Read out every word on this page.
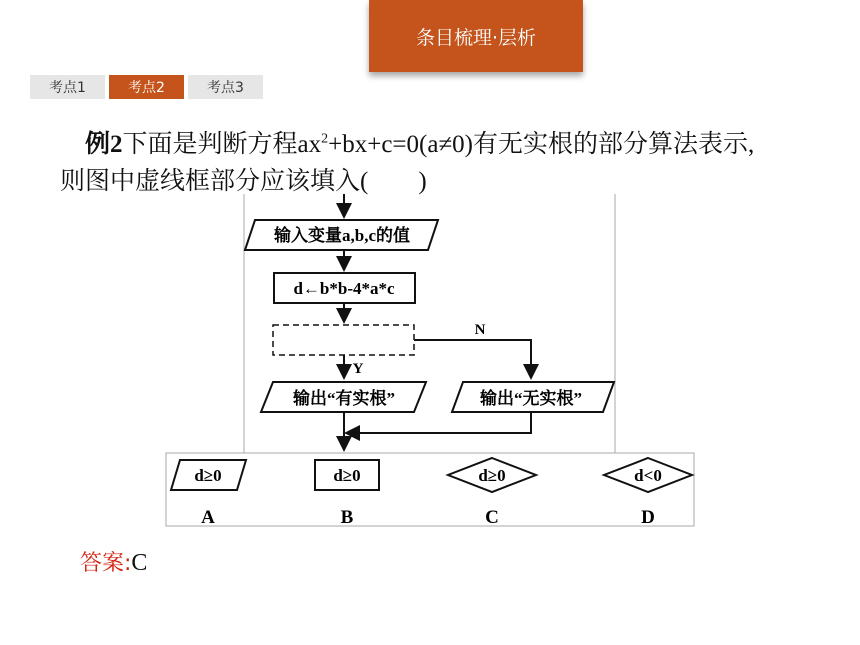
条目梳理·层析
考点1	考点2	考点3
例2下面是判断方程$ax^2+bx+c=0(a\ne 0)$有无实根的部分算法表示,
则图中虚线框部分应该填入(　　)
输入变量a,b,c的值
d←b*b-4*a*c
N
Y
输出“有实根”	输出“无实根”
d≥0
A
d≥0
B
d≥0
C
d<0
D
答案:C
